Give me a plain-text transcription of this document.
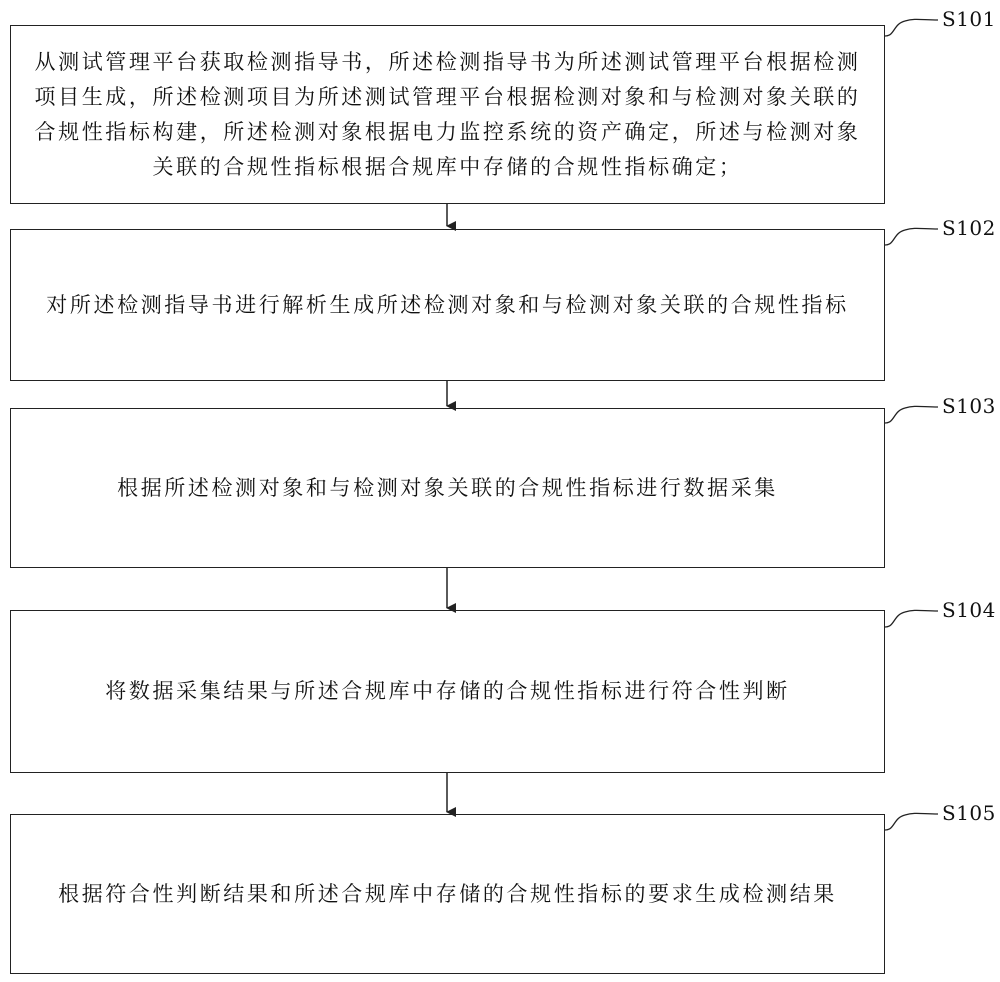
从测试管理平台获取检测指导书，所述检测指导书为所述测试管理平台根据检测项目生成，所述检测项目为所述测试管理平台根据检测对象和与检测对象关联的合规性指标构建，所述检测对象根据电力监控系统的资产确定，所述与检测对象关联的合规性指标根据合规库中存储的合规性指标确定；
S101
对所述检测指导书进行解析生成所述检测对象和与检测对象关联的合规性指标
S102
根据所述检测对象和与检测对象关联的合规性指标进行数据采集
S103
将数据采集结果与所述合规库中存储的合规性指标进行符合性判断
S104
根据符合性判断结果和所述合规库中存储的合规性指标的要求生成检测结果
S105
